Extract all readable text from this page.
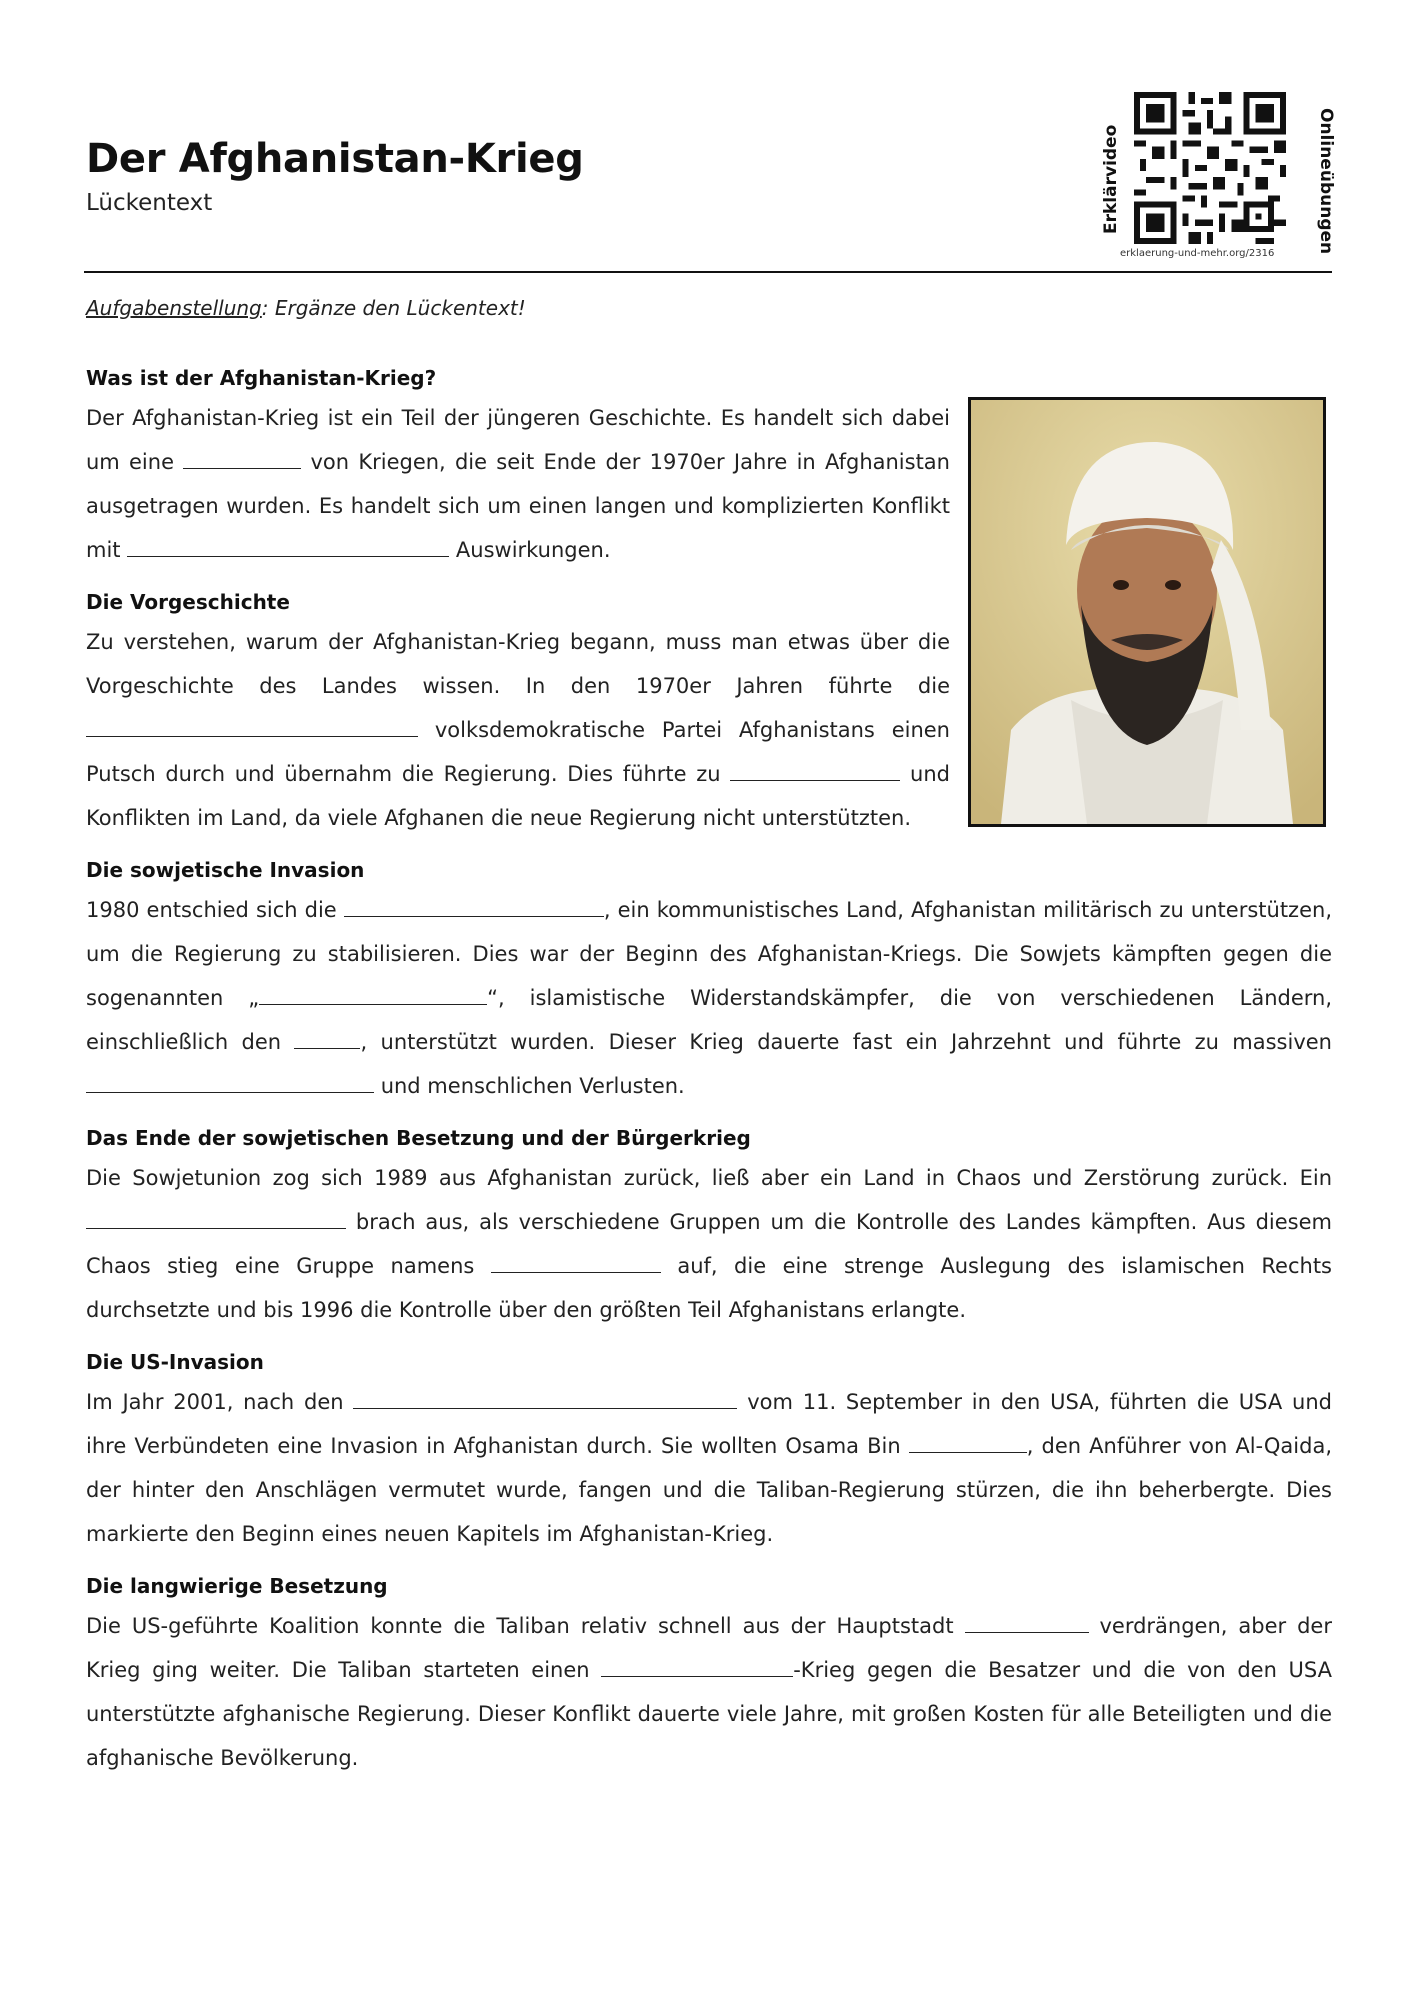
Der Afghanistan-Krieg
Lückentext	Erklärvideo	Onlineübungen
erklaerung-und-mehr.org/2316
Aufgabenstellung: Ergänze den Lückentext!
Was ist der Afghanistan-Krieg?

Der Afghanistan-Krieg ist ein Teil der jüngeren Geschichte. Es handelt sich dabei um eine	von Kriegen, die seit Ende der 1970er Jahre in Afghanistan ausgetragen wurden. Es handelt sich um einen langen und komplizierten Konflikt mit	Auswirkungen.

Die Vorgeschichte

Zu verstehen, warum der Afghanistan-Krieg begann, muss man etwas über die Vorgeschichte des Landes wissen. In den 1970er Jahren führte die  volksdemokratische Partei Afghanistans einen Putsch durch und übernahm die Regierung. Dies führte zu	und Konflikten im Land, da viele Afghanen die neue Regierung nicht unterstützten.

Die sowjetische Invasion

1980 entschied sich die	, ein kommunistisches Land, Afghanistan militärisch zu unterstützen, um die Regierung zu stabilisieren. Dies war der Beginn des Afghanistan-Kriegs. Die Sowjets kämpften gegen die sogenannten „	“, islamistische Widerstandskämpfer, die von verschiedenen Ländern, einschließlich den	, unterstützt wurden. Dieser Krieg dauerte fast ein Jahrzehnt und führte zu massiven  und menschlichen Verlusten.

Das Ende der sowjetischen Besetzung und der Bürgerkrieg

Die Sowjetunion zog sich 1989 aus Afghanistan zurück, ließ aber ein Land in Chaos und Zerstörung zurück. Ein  brach aus, als verschiedene Gruppen um die Kontrolle des Landes kämpften. Aus diesem Chaos stieg eine Gruppe namens	auf, die eine strenge Auslegung des islamischen Rechts durchsetzte und bis 1996 die Kontrolle über den größten Teil Afghanistans erlangte.

Die US-Invasion

Im Jahr 2001, nach den	vom 11. September in den USA, führten die USA und ihre Verbündeten eine Invasion in Afghanistan durch. Sie wollten Osama Bin	, den Anführer von Al-Qaida, der hinter den Anschlägen vermutet wurde, fangen und die Taliban-Regierung stürzen, die ihn beherbergte. Dies markierte den Beginn eines neuen Kapitels im Afghanistan-Krieg.

Die langwierige Besetzung

Die US-geführte Koalition konnte die Taliban relativ schnell aus der Hauptstadt	verdrängen, aber der Krieg ging weiter. Die Taliban starteten einen	-Krieg gegen die Besatzer und die von den USA unterstützte afghanische Regierung. Dieser Konflikt dauerte viele Jahre, mit großen Kosten für alle Beteiligten und die afghanische Bevölkerung.
